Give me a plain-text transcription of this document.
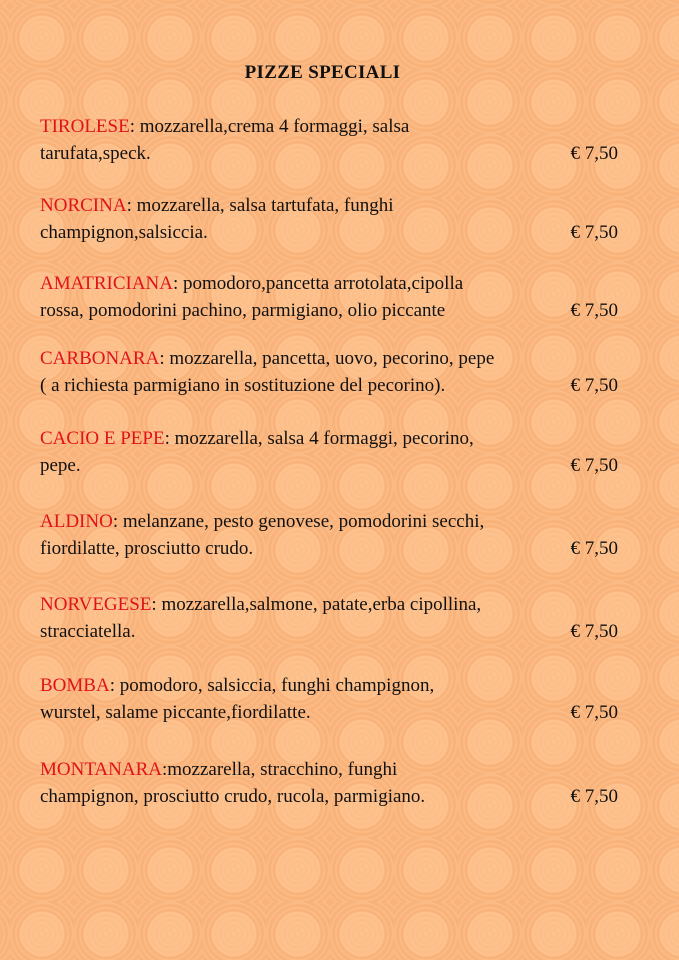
PIZZE SPECIALI
TIROLESE: mozzarella,crema 4 formaggi, salsa
tarufata,speck.	€ 7,50
NORCINA: mozzarella, salsa tartufata, funghi
champignon,salsiccia.	€ 7,50
AMATRICIANA: pomodoro,pancetta arrotolata,cipolla
rossa, pomodorini pachino, parmigiano, olio piccante	€ 7,50
CARBONARA: mozzarella, pancetta, uovo, pecorino, pepe
( a richiesta parmigiano in sostituzione del pecorino).	€ 7,50
CACIO E PEPE: mozzarella, salsa 4 formaggi, pecorino,
pepe.	€ 7,50
ALDINO: melanzane, pesto genovese, pomodorini secchi,
fiordilatte, prosciutto crudo.	€ 7,50
NORVEGESE: mozzarella,salmone, patate,erba cipollina,
stracciatella.	€ 7,50
BOMBA: pomodoro, salsiccia, funghi champignon,
wurstel, salame piccante,fiordilatte.	€ 7,50
MONTANARA:mozzarella, stracchino, funghi
champignon, prosciutto crudo, rucola, parmigiano.	€ 7,50
